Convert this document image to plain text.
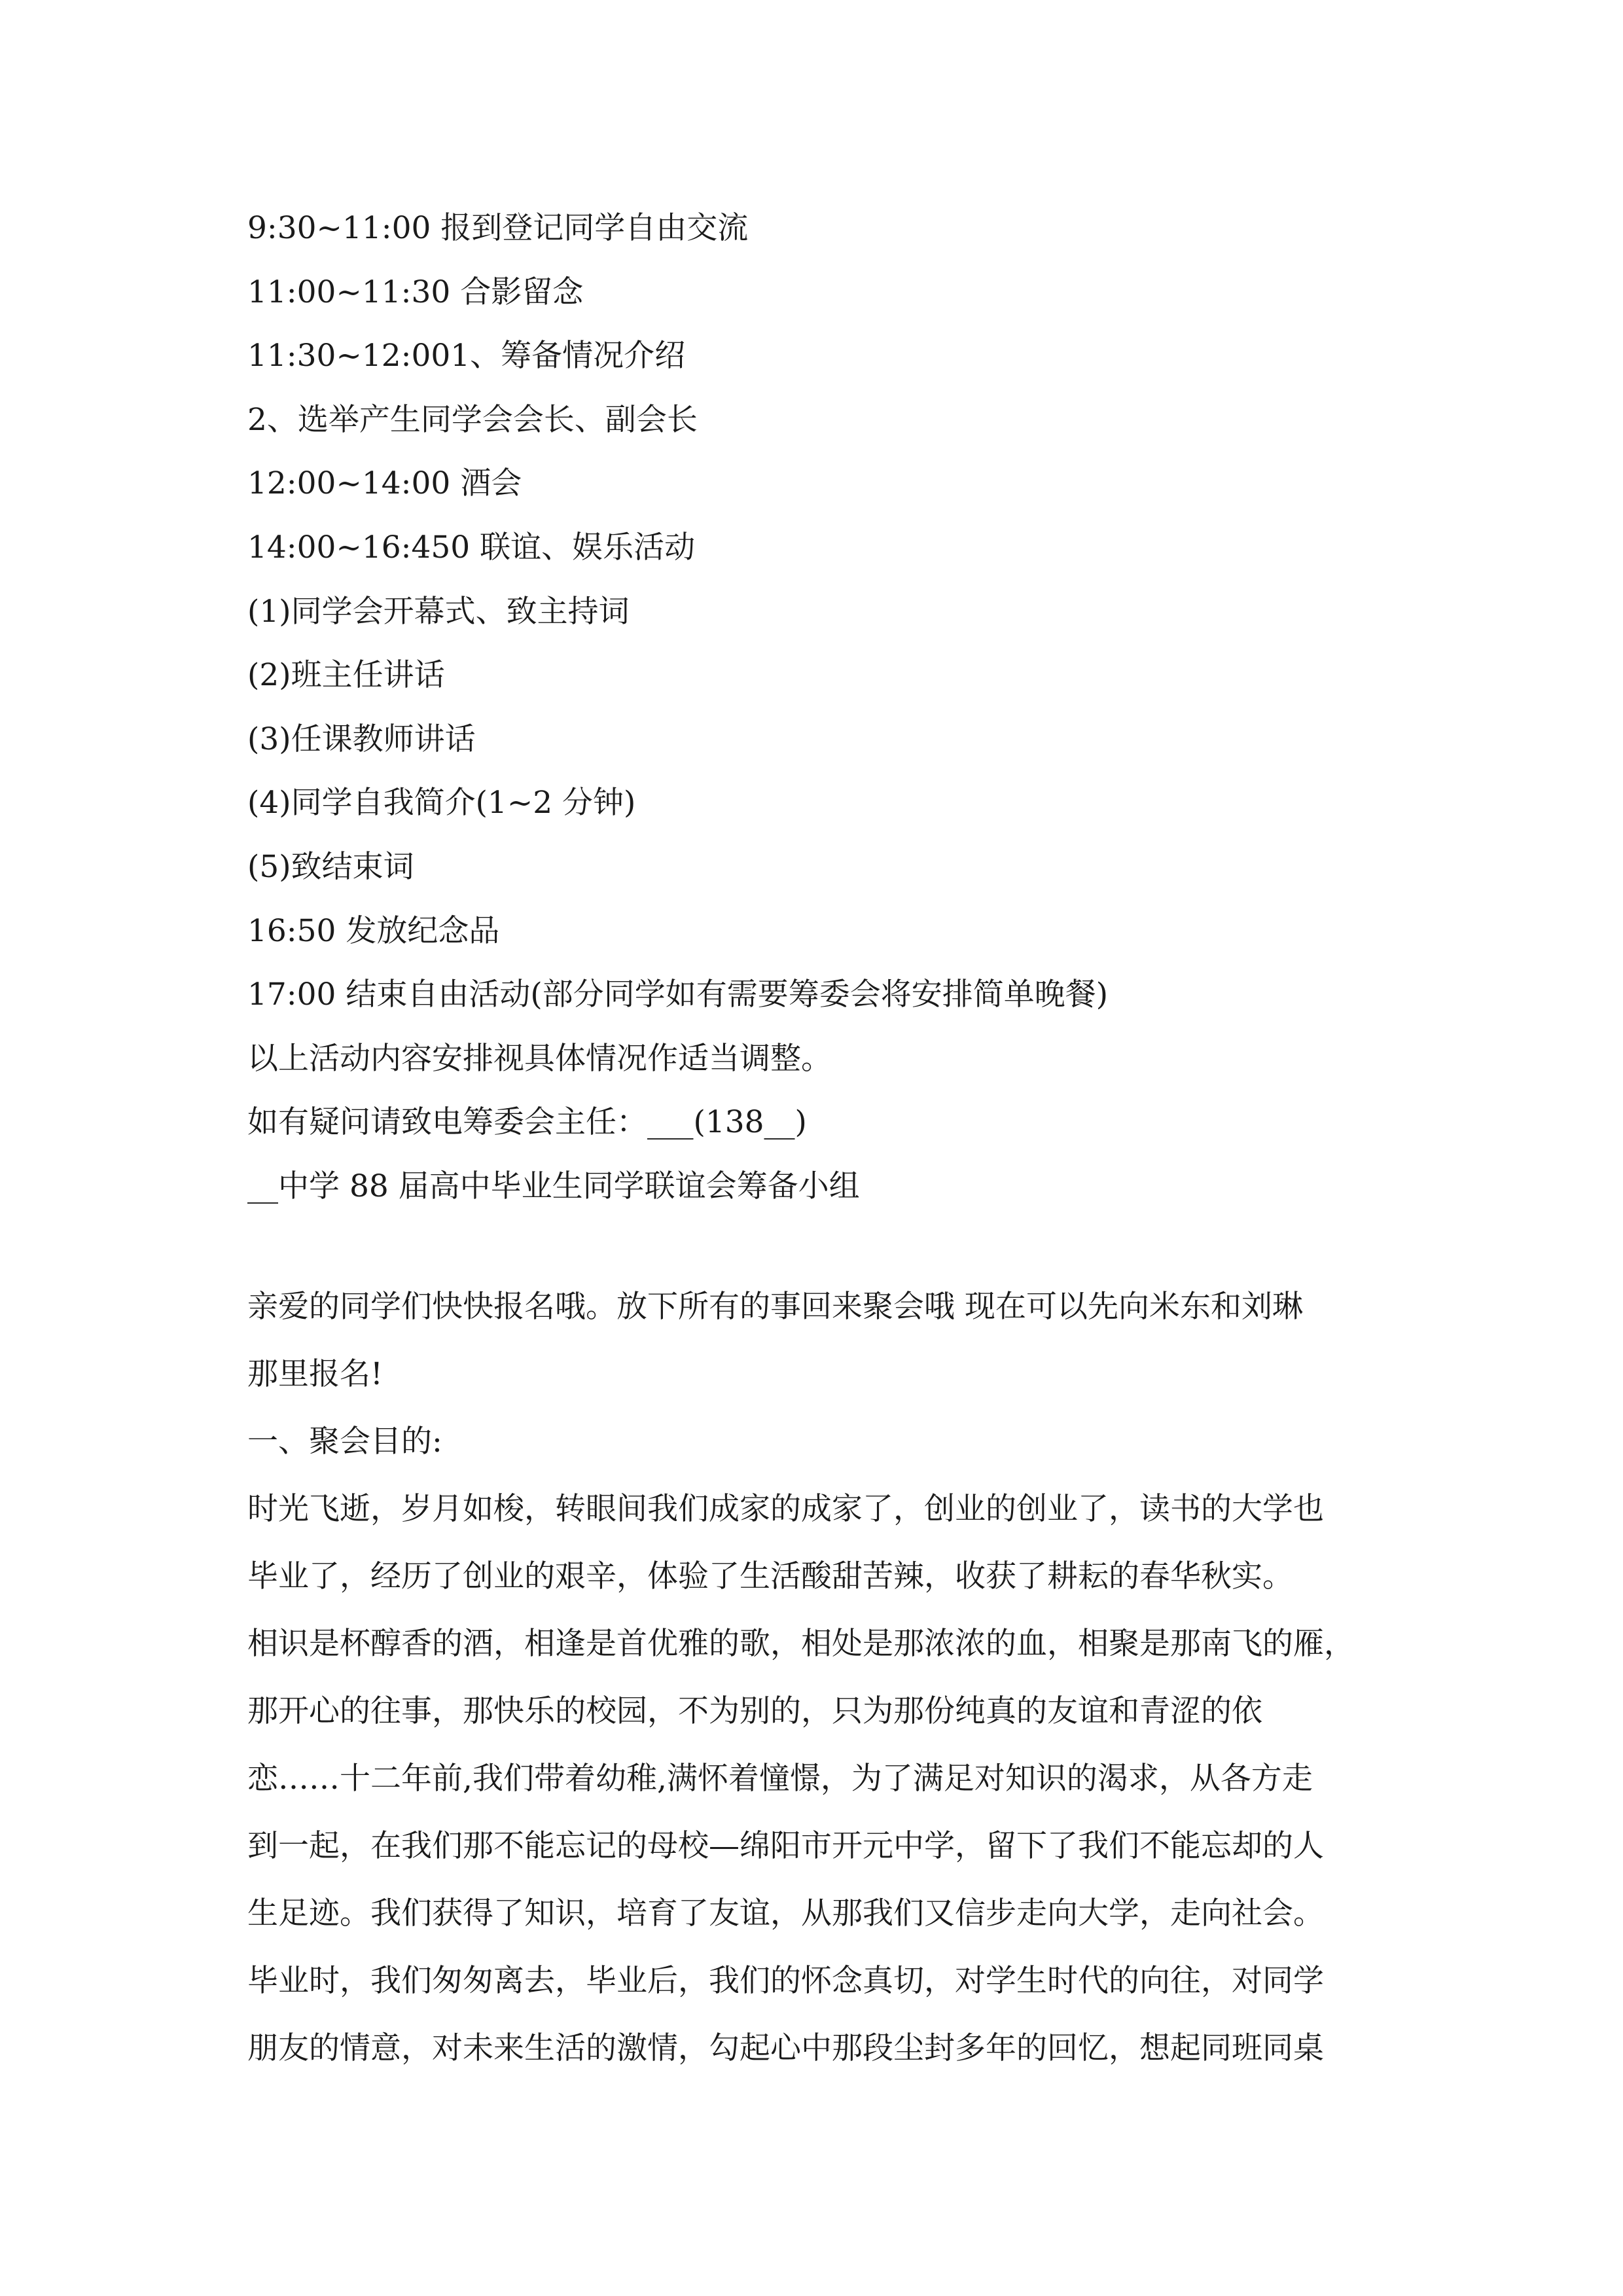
9:30~11:00 报到登记同学自由交流
11:00~11:30 合影留念
11:30~12:001、筹备情况介绍
2、选举产生同学会会长、副会长
12:00~14:00 酒会
14:00~16:450 联谊、娱乐活动
(1)同学会开幕式、致主持词
(2)班主任讲话
(3)任课教师讲话
(4)同学自我简介(1~2 分钟)
(5)致结束词
16:50 发放纪念品
17:00 结束自由活动(部分同学如有需要筹委会将安排简单晚餐)
以上活动内容安排视具体情况作适当调整。
如有疑问请致电筹委会主任：___(138__)
__中学 88 届高中毕业生同学联谊会筹备小组
亲爱的同学们快快报名哦。放下所有的事回来聚会哦 现在可以先向米东和刘琳
那里报名!
一、聚会目的:
时光飞逝，岁月如梭，转眼间我们成家的成家了，创业的创业了，读书的大学也
毕业了，经历了创业的艰辛，体验了生活酸甜苦辣，收获了耕耘的春华秋实。
相识是杯醇香的酒，相逢是首优雅的歌，相处是那浓浓的血，相聚是那南飞的雁，
那开心的往事，那快乐的校园，不为别的，只为那份纯真的友谊和青涩的依
恋……十二年前,我们带着幼稚,满怀着憧憬，为了满足对知识的渴求，从各方走
到一起，在我们那不能忘记的母校—绵阳市开元中学，留下了我们不能忘却的人
生足迹。我们获得了知识，培育了友谊，从那我们又信步走向大学，走向社会。
毕业时，我们匆匆离去，毕业后，我们的怀念真切，对学生时代的向往，对同学
朋友的情意，对未来生活的激情，勾起心中那段尘封多年的回忆，想起同班同桌
